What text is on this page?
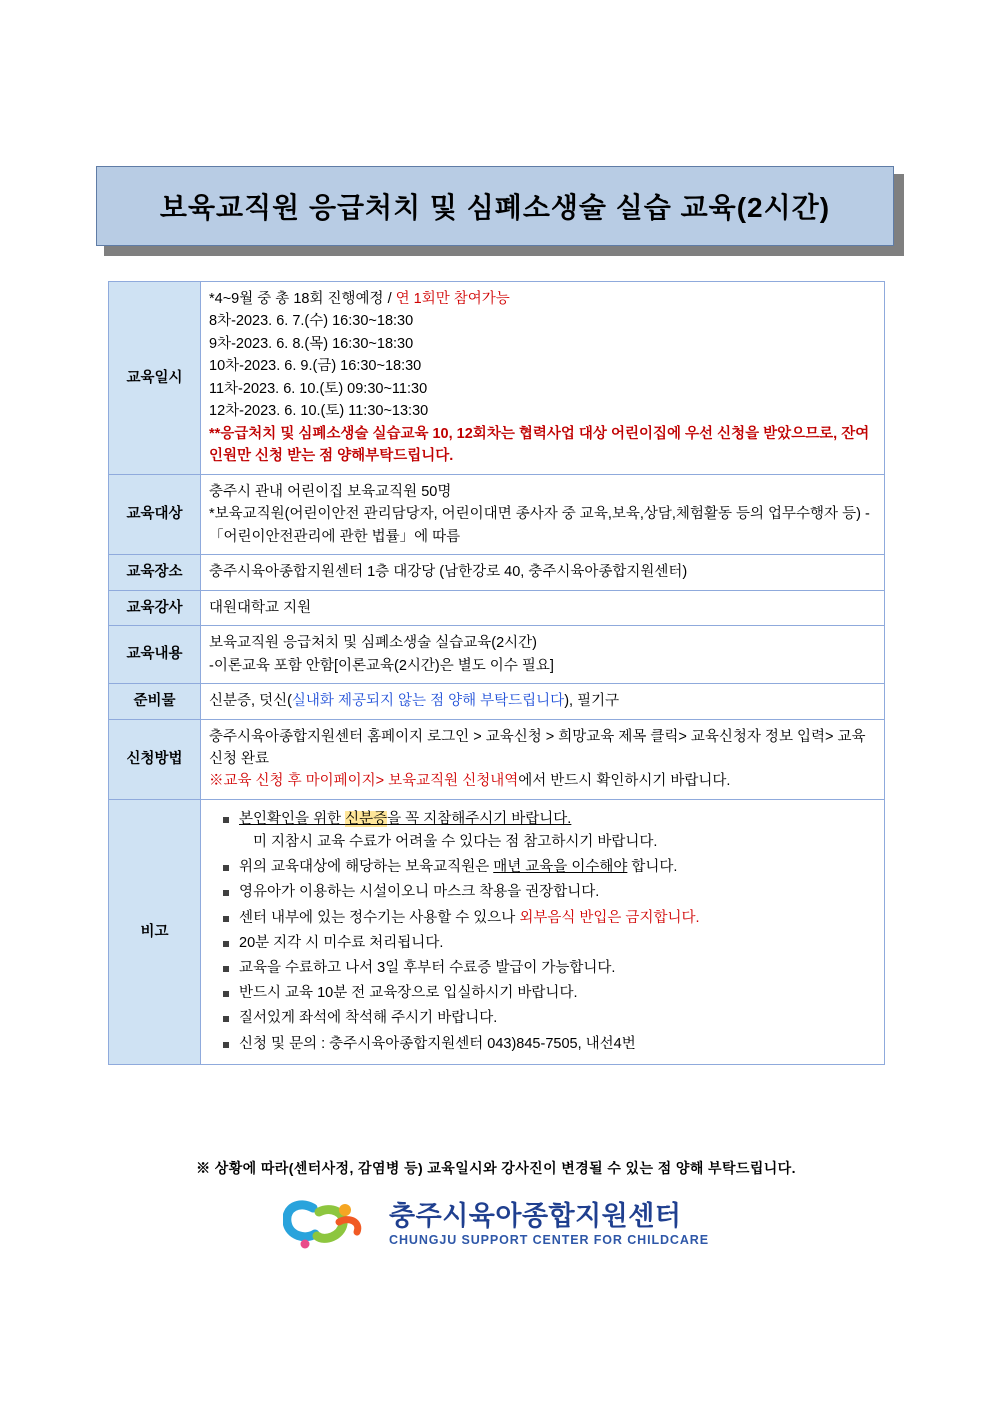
보육교직원 응급처치 및 심폐소생술 실습 교육(2시간)
교육일시	
*4~9월 중 총 18회 진행예정 / 연 1회만 참여가능
8차-2023. 6. 7.(수) 16:30~18:30
9차-2023. 6. 8.(목) 16:30~18:30
10차-2023. 6. 9.(금) 16:30~18:30
11차-2023. 6. 10.(토) 09:30~11:30
12차-2023. 6. 10.(토) 11:30~13:30
**응급처치 및 심폐소생술 실습교육 10, 12회차는 협력사업 대상 어린이집에 우선 신청을 받았으므로, 잔여 인원만 신청 받는 점 양해부탁드립니다.

교육대상	충주시 관내 어린이집 보육교직원 50명
*보육교직원(어린이안전 관리담당자, 어린이대면 종사자 중 교육,보육,상담,체험활동 등의 업무수행자 등) -「어린이안전관리에 관한 법률」에 따름

교육장소	충주시육아종합지원센터 1층 대강당 (남한강로 40, 충주시육아종합지원센터)
교육강사	대원대학교 지원
교육내용	보육교직원 응급처치 및 심폐소생술 실습교육(2시간)
-이론교육 포함 안함[이론교육(2시간)은 별도 이수 필요]

준비물	신분증, 덧신(실내화 제공되지 않는 점 양해 부탁드립니다), 필기구
신청방법	충주시육아종합지원센터 홈페이지 로그인 > 교육신청 > 희망교육 제목 클릭> 교육신청자 정보 입력> 교육신청 완료
※교육 신청 후 마이페이지> 보육교직원 신청내역에서 반드시 확인하시기 바랍니다.

비고	
본인확인을 위한 신분증을 꼭 지참해주시기 바랍니다.
미 지참시 교육 수료가 어려울 수 있다는 점 참고하시기 바랍니다.
위의 교육대상에 해당하는 보육교직원은 매년 교육을 이수해야 합니다.
영유아가 이용하는 시설이오니 마스크 착용을 권장합니다.
센터 내부에 있는 정수기는 사용할 수 있으나 외부음식 반입은 금지합니다.
20분 지각 시 미수료 처리됩니다.
교육을 수료하고 나서 3일 후부터 수료증 발급이 가능합니다.
반드시 교육 10분 전 교육장으로 입실하시기 바랍니다.
질서있게 좌석에 착석해 주시기 바랍니다.
신청 및 문의 : 충주시육아종합지원센터 043)845-7505, 내선4번
※ 상황에 따라(센터사정, 감염병 등) 교육일시와 강사진이 변경될 수 있는 점 양해 부탁드립니다.
충주시육아종합지원센터
CHUNGJU SUPPORT CENTER FOR CHILDCARE
